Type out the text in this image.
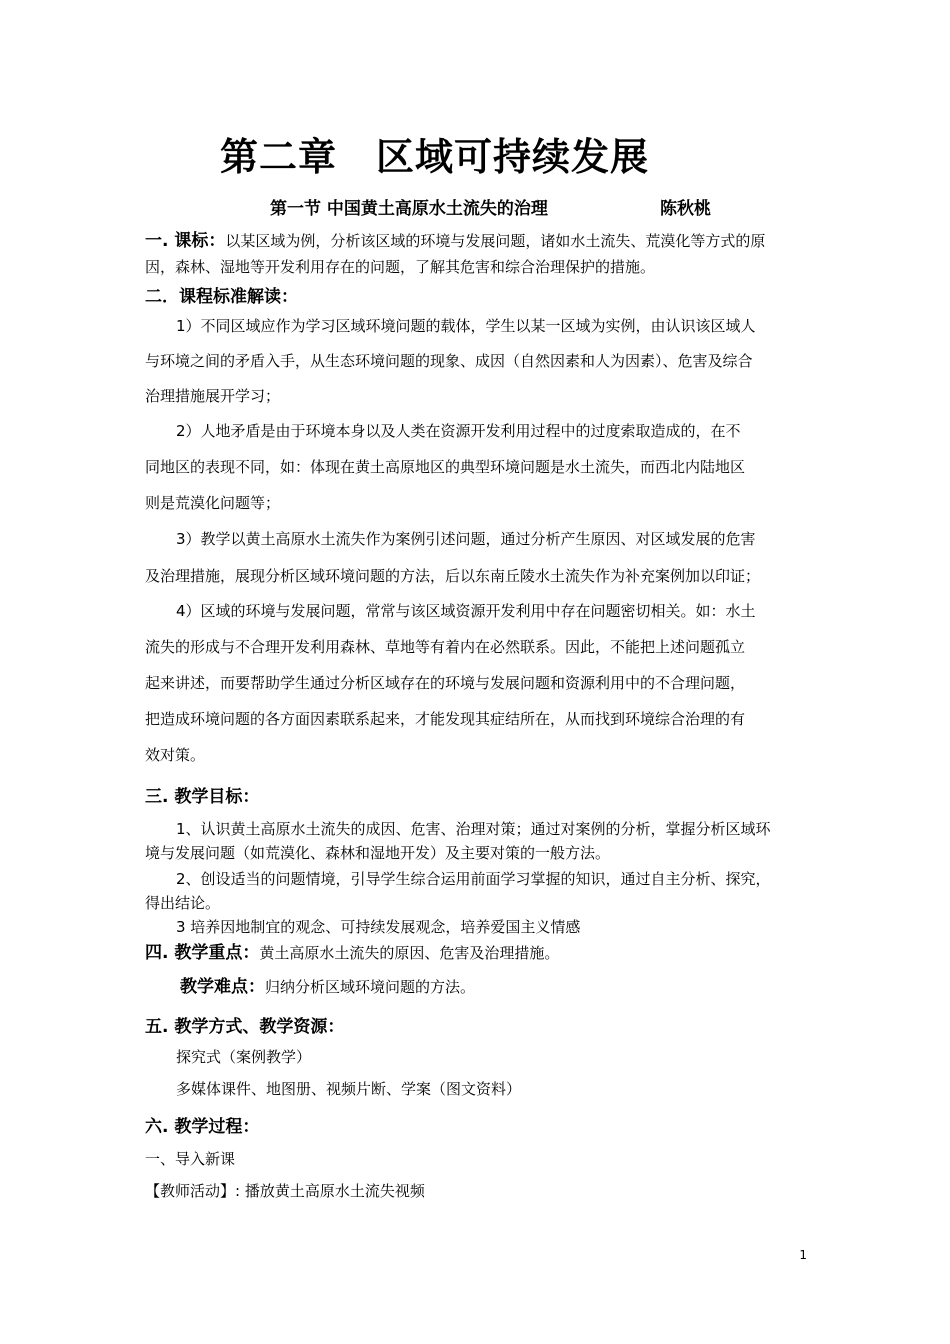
第二章　区域可持续发展
第一节 中国黄土高原水土流失的治理	陈秋桃
一. 课标：以某区域为例，分析该区域的环境与发展问题，诸如水土流失、荒漠化等方式的原
因，森林、湿地等开发利用存在的问题，了解其危害和综合治理保护的措施。
二．课程标准解读：
1）不同区域应作为学习区域环境问题的载体，学生以某一区域为实例，由认识该区域人
与环境之间的矛盾入手，从生态环境问题的现象、成因（自然因素和人为因素）、危害及综合
治理措施展开学习；
2）人地矛盾是由于环境本身以及人类在资源开发利用过程中的过度索取造成的，在不
同地区的表现不同，如：体现在黄土高原地区的典型环境问题是水土流失，而西北内陆地区
则是荒漠化问题等；
3）教学以黄土高原水土流失作为案例引述问题，通过分析产生原因、对区域发展的危害
及治理措施，展现分析区域环境问题的方法，后以东南丘陵水土流失作为补充案例加以印证；
4）区域的环境与发展问题，常常与该区域资源开发利用中存在问题密切相关。如：水土
流失的形成与不合理开发利用森林、草地等有着内在必然联系。因此，不能把上述问题孤立
起来讲述，而要帮助学生通过分析区域存在的环境与发展问题和资源利用中的不合理问题，
把造成环境问题的各方面因素联系起来，才能发现其症结所在，从而找到环境综合治理的有
效对策。
三. 教学目标：
1、认识黄土高原水土流失的成因、危害、治理对策；通过对案例的分析，掌握分析区域环
境与发展问题（如荒漠化、森林和湿地开发）及主要对策的一般方法。
2、创设适当的问题情境，引导学生综合运用前面学习掌握的知识，通过自主分析、探究，
得出结论。
3 培养因地制宜的观念、可持续发展观念，培养爱国主义情感
四. 教学重点：黄土高原水土流失的原因、危害及治理措施。
教学难点：归纳分析区域环境问题的方法。
五. 教学方式、教学资源：
探究式（案例教学）
多媒体课件、地图册、视频片断、学案（图文资料）
六. 教学过程：
一、导入新课
【教师活动】: 播放黄土高原水土流失视频
1
